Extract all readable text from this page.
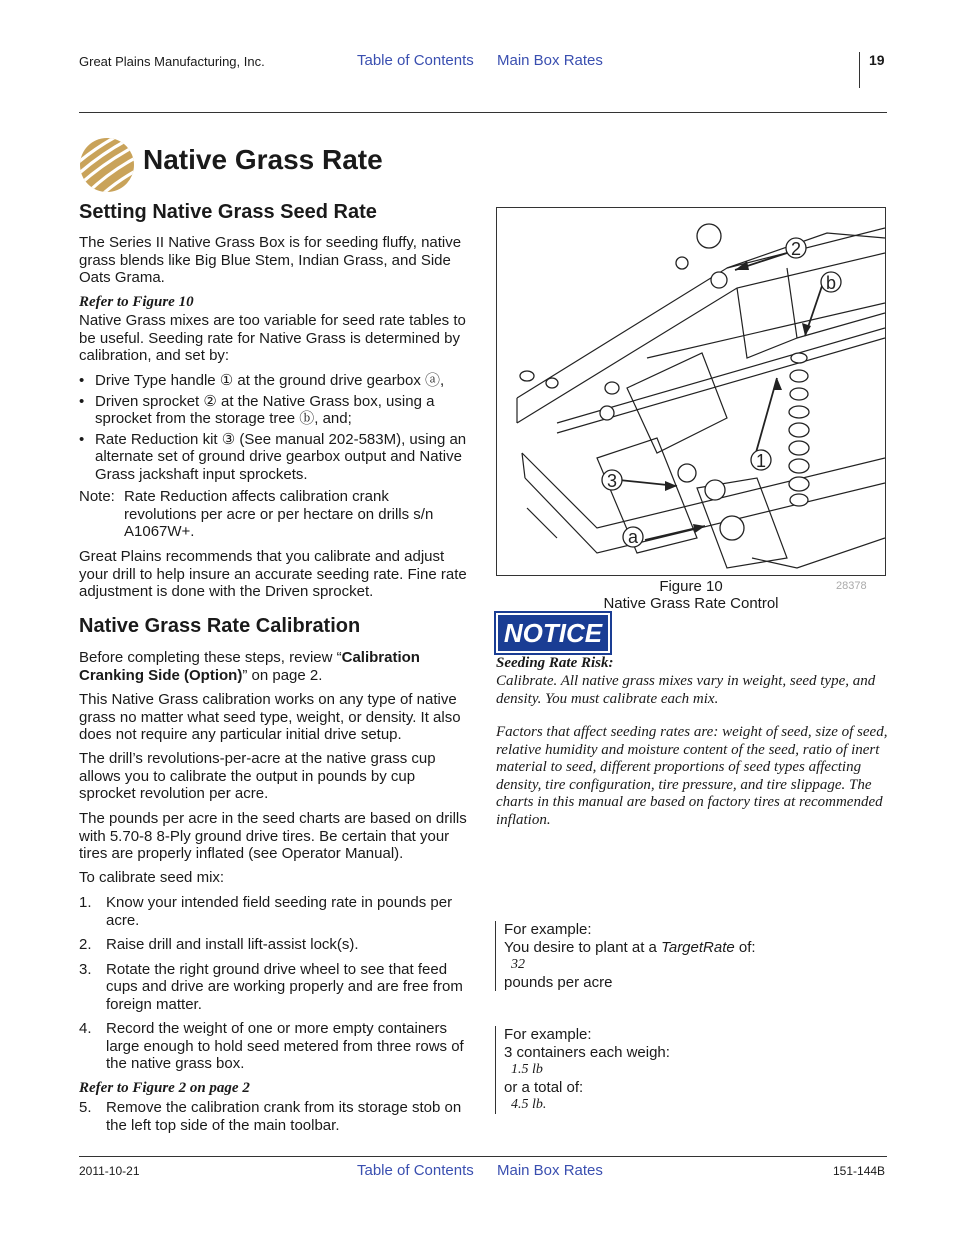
Great Plains Manufacturing, Inc.	Table of Contents Main Box Rates	19
Native Grass Rate
Setting Native Grass Seed Rate

The Series II Native Grass Box is for seeding fluffy, native grass blends like Big Blue Stem, Indian Grass, and Side Oats Grama.

Refer to Figure 10

Native Grass mixes are too variable for seed rate tables to be useful. Seeding rate for Native Grass is determined by calibration, and set by:

• Drive Type handle ① at the ground drive gearbox ⓐ,
• Driven sprocket ② at the Native Grass box, using a sprocket from the storage tree ⓑ, and;
• Rate Reduction kit ③ (See manual 202-583M), using an alternate set of ground drive gearbox output and Native Grass jackshaft input sprockets.
Note: Rate Reduction affects calibration crank revolutions per acre or per hectare on drills s/n A1067W+.

Great Plains recommends that you calibrate and adjust your drill to help insure an accurate seeding rate. Fine rate adjustment is done with the Driven sprocket.

Native Grass Rate Calibration

Before completing these steps, review “Calibration Cranking Side (Option)” on page 2.

This Native Grass calibration works on any type of native grass no matter what seed type, weight, or density. It also does not require any particular initial drive setup.

The drill’s revolutions-per-acre at the native grass cup allows you to calibrate the output in pounds by cup sprocket revolution per acre.

The pounds per acre in the seed charts are based on drills with 5.70-8 8-Ply ground drive tires. Be certain that your tires are properly inflated (see Operator Manual).

To calibrate seed mix:

1. Know your intended field seeding rate in pounds per acre.
2. Raise drill and install lift-assist lock(s).
3. Rotate the right ground drive wheel to see that feed cups and drive are working properly and are free from foreign matter.
4. Record the weight of one or more empty containers large enough to hold seed metered from three rows of the native grass box.
Refer to Figure 2 on page 2
5. Remove the calibration crank from its storage stob on the left top side of the main toolbar.
2
b
1
3
a
Figure 10
Native Grass Rate Control
28378
NOTICE
Seeding Rate Risk:

Calibrate. All native grass mixes vary in weight, seed type, and density. You must calibrate each mix.

Factors that affect seeding rates are: weight of seed, size of seed, relative humidity and moisture content of the seed, ratio of inert material to seed, different proportions of seed types affecting density, tire configuration, tire pressure, and tire slippage. The charts in this manual are based on factory tires at recommended inflation.

For example:
You desire to plant at a TargetRate of:
32
pounds per acre
For example:
3 containers each weigh:
1.5 lb
or a total of:
4.5 lb.
2011-10-21	Table of Contents Main Box Rates	151-144B
